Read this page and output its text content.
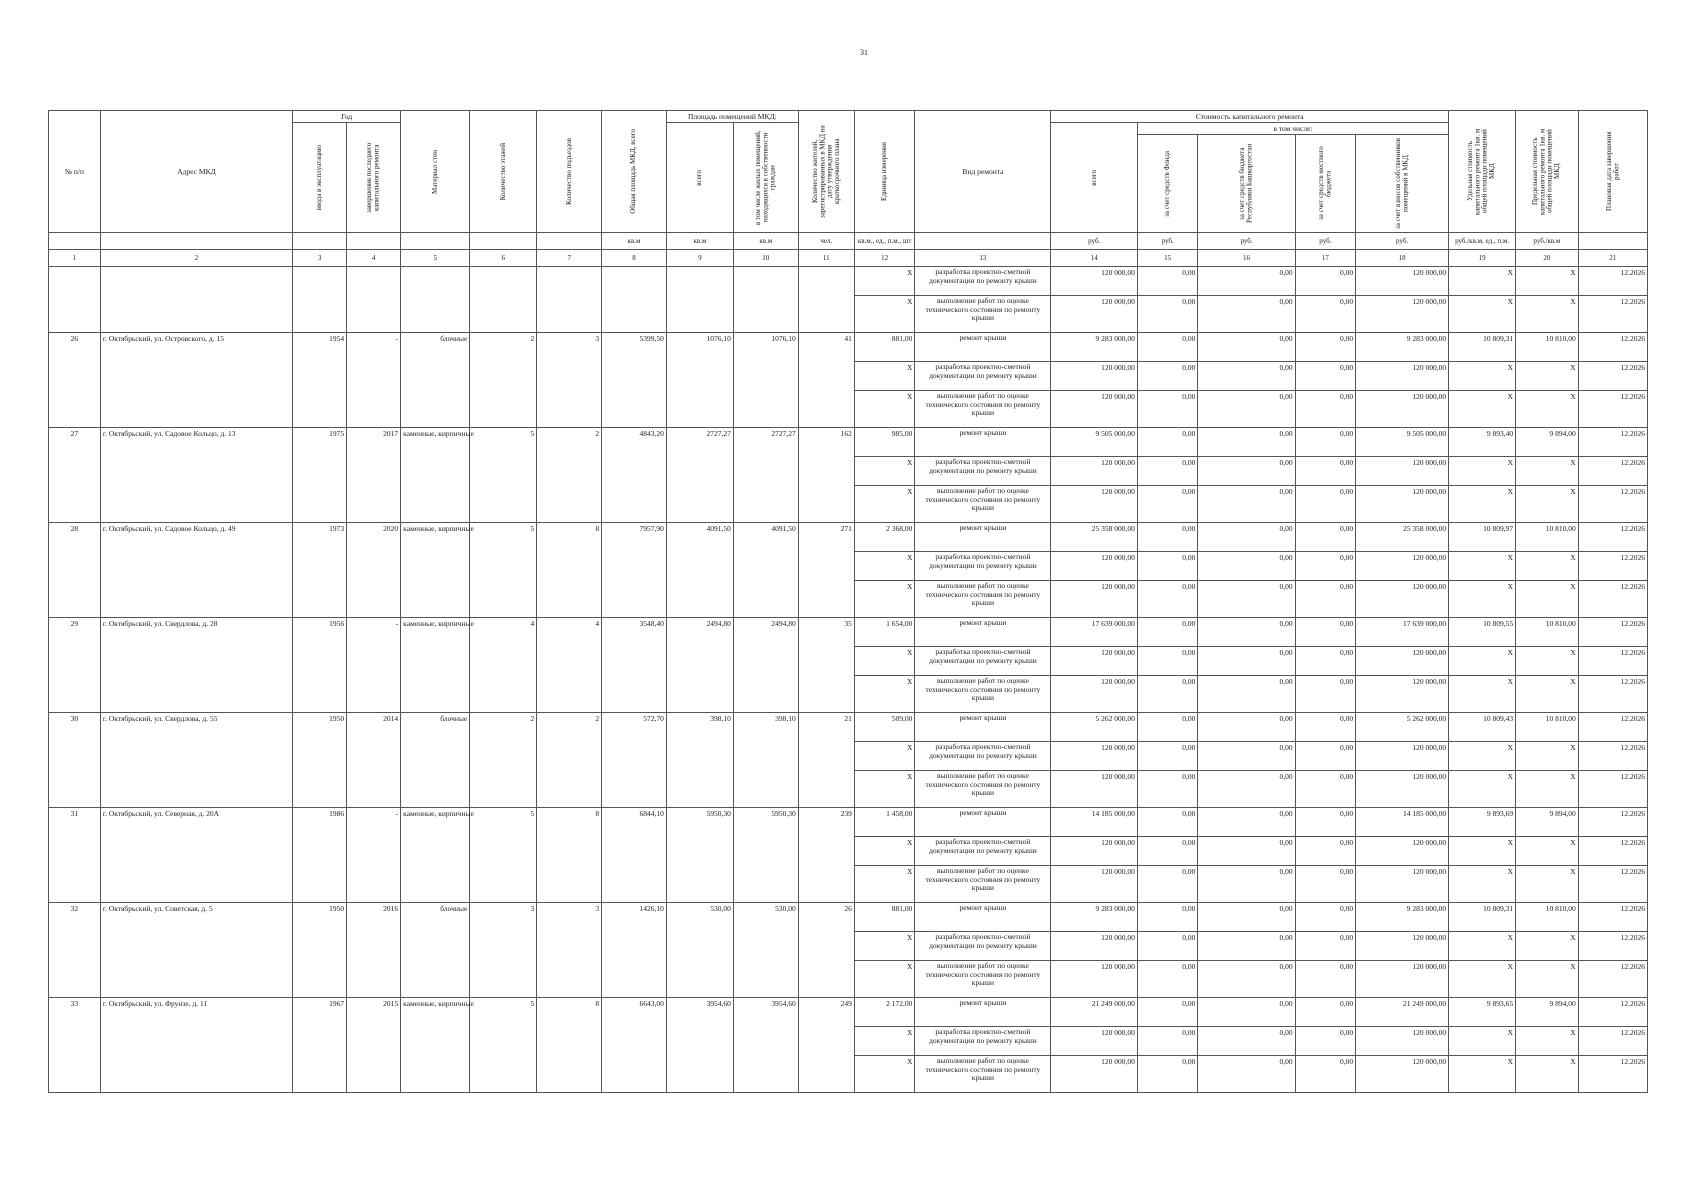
31
№ п/п	Адрес МКД	Год		Материал стен	Количество этажей	Количество подъездов	Общая площадь МКД, всего	Площадь помещений МКД:		Количество жителей, зарегистрированных в МКД на дату утверждения краткосрочного плана	Единица измерения	Вид ремонта	Стоимость капитального ремонта					Удельная стоимость капитального ремонта 1кв. м общей площади помещений МКД	Предельная стоимость капитального ремонта 1кв. м общей площади помещений МКД	Плановая дата завершения работ

		ввода в эксплуатацию	завершения последнего капитального ремонта					всего	в том числе жилых помещений, находящихся в собственности граждан				всего	в том числе:						

														за счет средств Фонда	за счет средств бюджета Республики Башкортостан	за счет средств местного бюджета	за счет взносов собственников помещений в МКД			

							кв.м	кв.м	кв.м	чел.	кв.м., ед., п.м., шт		руб.	руб.	руб.	руб.	руб.	руб./кв.м, ед., п.м.	руб./кв.м	
1	2	3	4	5	6	7	8	9	10	11	12	13	14	15	16	17	18	19	20	21
											X	разработка проектно-сметной документации по ремонту крыши	120 000,00	0,00	0,00	0,00	120 000,00	X	X	12.2026
											X	выполнение работ по оценке технического состояния по ремонту крыши	120 000,00	0,00	0,00	0,00	120 000,00	X	X	12.2026
26	г. Октябрьский, ул. Островского, д. 15	1954	-	блочные	2	3	5399,50	1076,10	1076,10	41	881,00	ремонт крыши	9 283 000,00	0,00	0,00	0,00	9 283 000,00	10 809,31	10 810,00	12.2026
											X	разработка проектно-сметной документации по ремонту крыши	120 000,00	0,00	0,00	0,00	120 000,00	X	X	12.2026
											X	выполнение работ по оценке технического состояния по ремонту крыши	120 000,00	0,00	0,00	0,00	120 000,00	X	X	12.2026
27	г. Октябрьский, ул. Садовое Кольцо, д. 13	1975	2017	каменные, кирпичные	5	2	4843,20	2727,27	2727,27	162	985,00	ремонт крыши	9 505 000,00	0,00	0,00	0,00	9 505 000,00	9 893,40	9 894,00	12.2026
											X	разработка проектно-сметной документации по ремонту крыши	120 000,00	0,00	0,00	0,00	120 000,00	X	X	12.2026
											X	выполнение работ по оценке технического состояния по ремонту крыши	120 000,00	0,00	0,00	0,00	120 000,00	X	X	12.2026
28	г. Октябрьский, ул. Садовое Кольцо, д. 49	1973	2020	каменные, кирпичные	5	8	7957,90	4091,50	4091,50	271	2 368,00	ремонт крыши	25 358 000,00	0,00	0,00	0,00	25 358 000,00	10 809,97	10 810,00	12.2026
											X	разработка проектно-сметной документации по ремонту крыши	120 000,00	0,00	0,00	0,00	120 000,00	X	X	12.2026
											X	выполнение работ по оценке технического состояния по ремонту крыши	120 000,00	0,00	0,00	0,00	120 000,00	X	X	12.2026
29	г. Октябрьский, ул. Свердлова, д. 28	1956	-	каменные, кирпичные	4	4	3548,40	2494,80	2494,80	35	1 654,00	ремонт крыши	17 639 000,00	0,00	0,00	0,00	17 639 000,00	10 809,55	10 810,00	12.2026
											X	разработка проектно-сметной документации по ремонту крыши	120 000,00	0,00	0,00	0,00	120 000,00	X	X	12.2026
											X	выполнение работ по оценке технического состояния по ремонту крыши	120 000,00	0,00	0,00	0,00	120 000,00	X	X	12.2026
30	г. Октябрьский, ул. Свердлова, д. 55	1950	2014	блочные	2	2	572,70	398,10	398,10	21	509,00	ремонт крыши	5 262 000,00	0,00	0,00	0,00	5 262 000,00	10 809,43	10 810,00	12.2026
											X	разработка проектно-сметной документации по ремонту крыши	120 000,00	0,00	0,00	0,00	120 000,00	X	X	12.2026
											X	выполнение работ по оценке технического состояния по ремонту крыши	120 000,00	0,00	0,00	0,00	120 000,00	X	X	12.2026
31	г. Октябрьский, ул. Северная, д. 20А	1986	-	каменные, кирпичные	5	8	6844,10	5950,30	5950,30	239	1 458,00	ремонт крыши	14 185 000,00	0,00	0,00	0,00	14 185 000,00	9 893,69	9 894,00	12.2026
											X	разработка проектно-сметной документации по ремонту крыши	120 000,00	0,00	0,00	0,00	120 000,00	X	X	12.2026
											X	выполнение работ по оценке технического состояния по ремонту крыши	120 000,00	0,00	0,00	0,00	120 000,00	X	X	12.2026
32	г. Октябрьский, ул. Советская, д. 5	1950	2016	блочные	3	3	1426,10	530,00	530,00	26	881,00	ремонт крыши	9 283 000,00	0,00	0,00	0,00	9 283 000,00	10 809,31	10 810,00	12.2026
											X	разработка проектно-сметной документации по ремонту крыши	120 000,00	0,00	0,00	0,00	120 000,00	X	X	12.2026
											X	выполнение работ по оценке технического состояния по ремонту крыши	120 000,00	0,00	0,00	0,00	120 000,00	X	X	12.2026
33	г. Октябрьский, ул. Фрунзе, д. 11	1967	2015	каменные, кирпичные	5	8	6643,00	3954,60	3954,60	249	2 172,00	ремонт крыши	21 249 000,00	0,00	0,00	0,00	21 249 000,00	9 893,65	9 894,00	12.2026
											X	разработка проектно-сметной документации по ремонту крыши	120 000,00	0,00	0,00	0,00	120 000,00	X	X	12.2026
											X	выполнение работ по оценке технического состояния по ремонту крыши	120 000,00	0,00	0,00	0,00	120 000,00	X	X	12.2026
